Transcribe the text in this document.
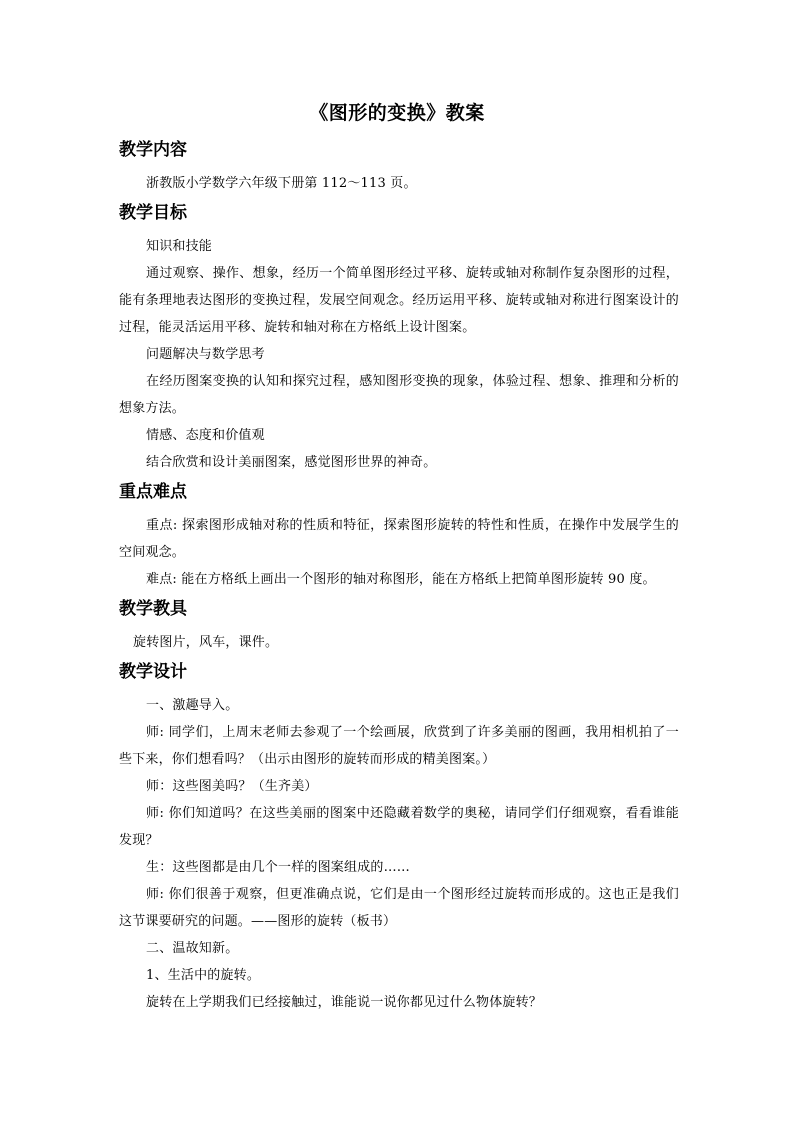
《图形的变换》教案
教学内容

浙教版小学数学六年级下册第 112～113 页。

教学目标

知识和技能

通过观察、操作、想象，经历一个简单图形经过平移、旋转或轴对称制作复杂图形的过程，能有条理地表达图形的变换过程，发展空间观念。经历运用平移、旋转或轴对称进行图案设计的过程，能灵活运用平移、旋转和轴对称在方格纸上设计图案。

问题解决与数学思考

在经历图案变换的认知和探究过程，感知图形变换的现象，体验过程、想象、推理和分析的想象方法。

情感、态度和价值观

结合欣赏和设计美丽图案，感觉图形世界的神奇。

重点难点

重点: 探索图形成轴对称的性质和特征，探索图形旋转的特性和性质，在操作中发展学生的空间观念。

难点: 能在方格纸上画出一个图形的轴对称图形，能在方格纸上把简单图形旋转 90 度。

教学教具

旋转图片，风车，课件。

教学设计

一、激趣导入。

师: 同学们，上周末老师去参观了一个绘画展，欣赏到了许多美丽的图画，我用相机拍了一些下来，你们想看吗？（出示由图形的旋转而形成的精美图案。）

师：这些图美吗？（生齐美）

师: 你们知道吗？在这些美丽的图案中还隐藏着数学的奥秘，请同学们仔细观察，看看谁能发现？

生：这些图都是由几个一样的图案组成的……

师: 你们很善于观察，但更准确点说，它们是由一个图形经过旋转而形成的。这也正是我们这节课要研究的问题。——图形的旋转（板书）

二、温故知新。

1、生活中的旋转。

旋转在上学期我们已经接触过，谁能说一说你都见过什么物体旋转？
